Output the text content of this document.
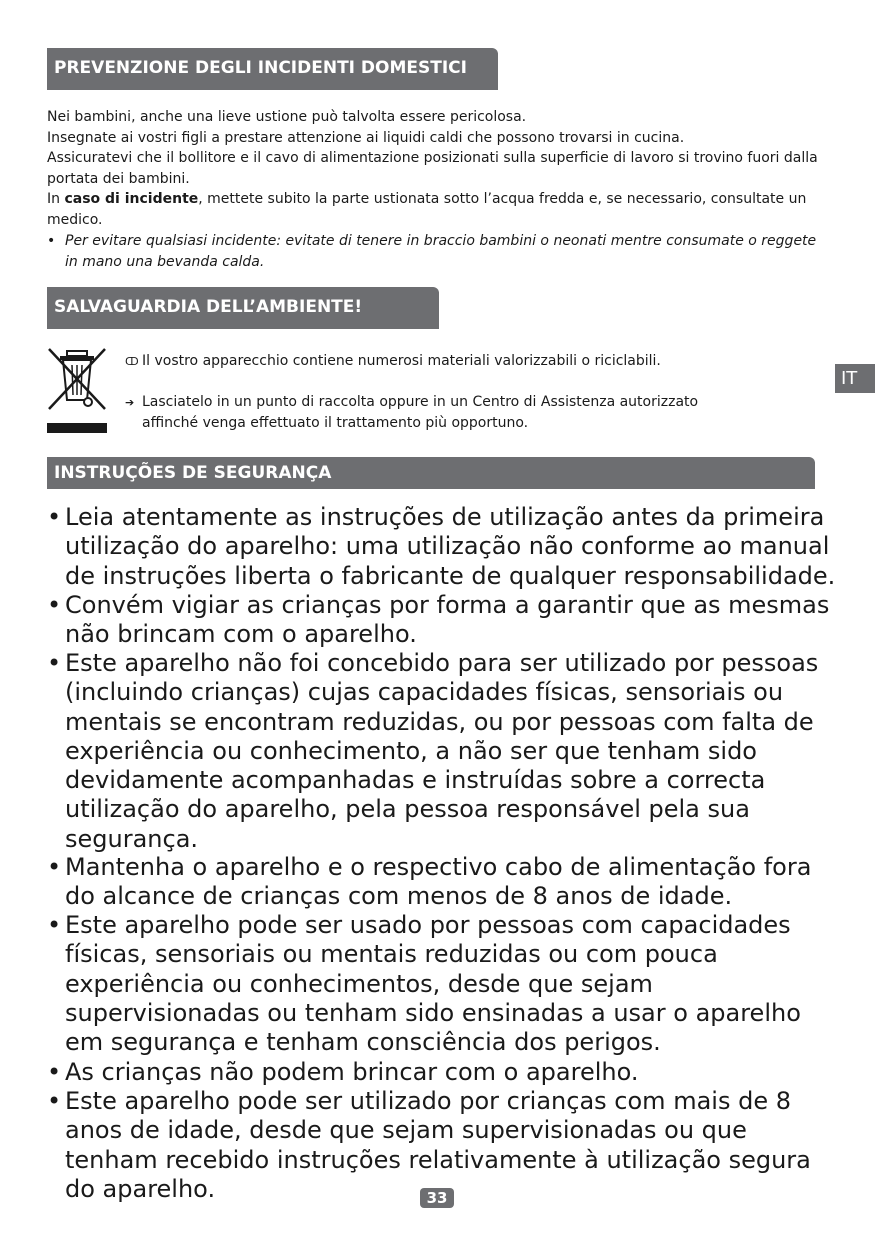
PREVENZIONE DEGLI INCIDENTI DOMESTICI
Nei bambini, anche una lieve ustione può talvolta essere pericolosa.
Insegnate ai vostri figli a prestare attenzione ai liquidi caldi che possono trovarsi in cucina.
Assicuratevi che il bollitore e il cavo di alimentazione posizionati sulla superficie di lavoro si trovino fuori dalla portata dei bambini.
In caso di incidente, mettete subito la parte ustionata sotto l’acqua fredda e, se necessario, consultate un medico.
• Per evitare qualsiasi incidente: evitate di tenere in braccio bambini o neonati mentre consumate o reggete in mano una bevanda calda.
SALVAGUARDIA DELL’AMBIENTE!
ↀ Il vostro apparecchio contiene numerosi materiali valorizzabili o riciclabili.
➔ Lasciatelo in un punto di raccolta oppure in un Centro di Assistenza autorizzato affinché venga effettuato il trattamento più opportuno.
IT
INSTRUÇÕES DE SEGURANÇA
• Leia atentamente as instruções de utilização antes da primeira utilização do aparelho: uma utilização não conforme ao manual de instruções liberta o fabricante de qualquer responsabilidade.
• Convém vigiar as crianças por forma a garantir que as mesmas não brincam com o aparelho.
• Este aparelho não foi concebido para ser utilizado por pessoas (incluindo crianças) cujas capacidades físicas, sensoriais ou mentais se encontram reduzidas, ou por pessoas com falta de experiência ou conhecimento, a não ser que tenham sido devidamente acompanhadas e instruídas sobre a correcta utilização do aparelho, pela pessoa responsável pela sua segurança.
• Mantenha o aparelho e o respectivo cabo de alimentação fora do alcance de crianças com menos de 8 anos de idade.
• Este aparelho pode ser usado por pessoas com capacidades físicas, sensoriais ou mentais reduzidas ou com pouca experiência ou conhecimentos, desde que sejam supervisionadas ou tenham sido ensinadas a usar o aparelho em segurança e tenham consciência dos perigos.
• As crianças não podem brincar com o aparelho.
• Este aparelho pode ser utilizado por crianças com mais de 8 anos de idade, desde que sejam supervisionadas ou que tenham recebido instruções relativamente à utilização segura do aparelho.	33
